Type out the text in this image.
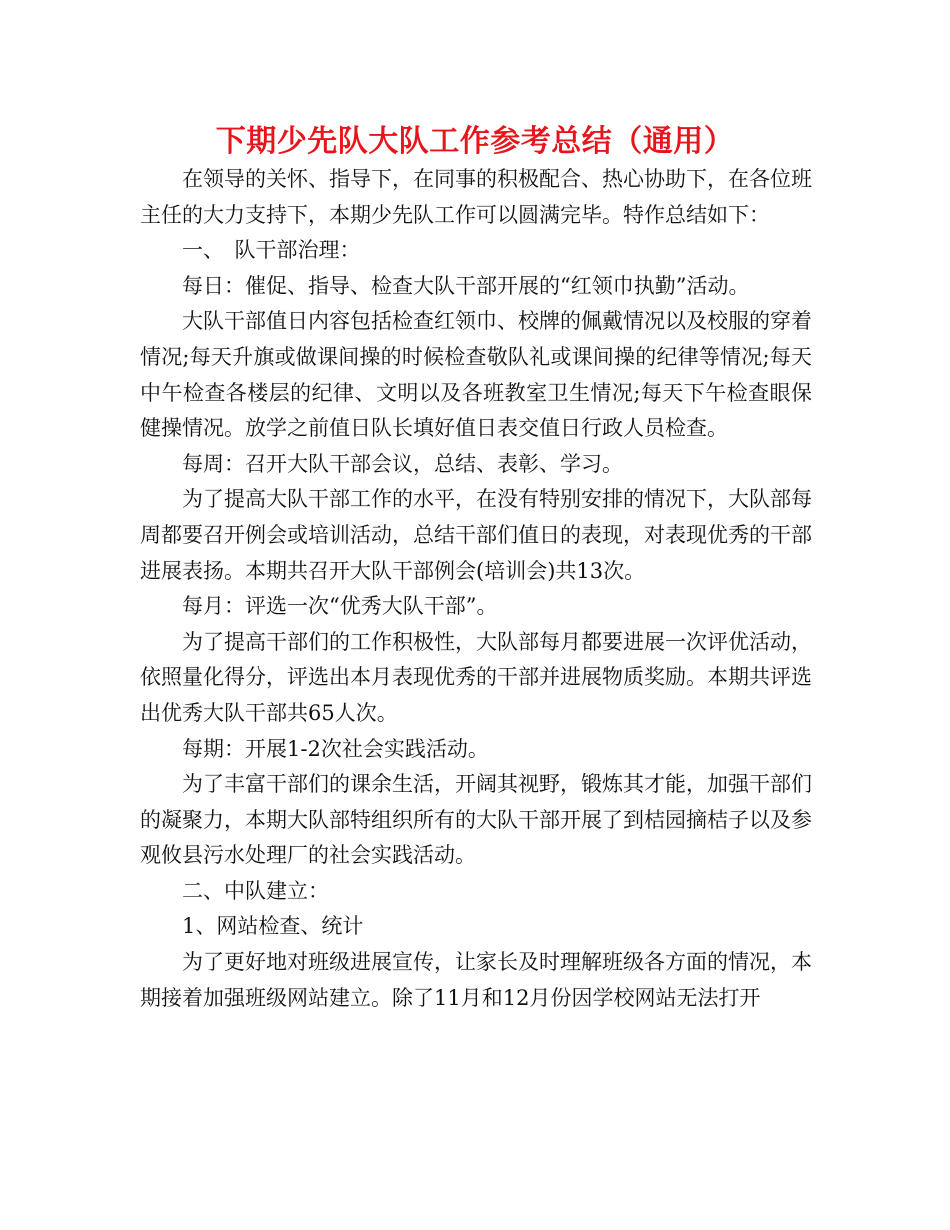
下期少先队大队工作参考总结（通用）

在领导的关怀、指导下，在同事的积极配合、热心协助下，在各位班主任的大力支持下，本期少先队工作可以圆满完毕。特作总结如下：

一、　队干部治理：

每日：催促、指导、检查大队干部开展的“红领巾执勤”活动。

大队干部值日内容包括检查红领巾、校牌的佩戴情况以及校服的穿着情况;每天升旗或做课间操的时候检查敬队礼或课间操的纪律等情况;每天中午检查各楼层的纪律、文明以及各班教室卫生情况;每天下午检查眼保健操情况。放学之前值日队长填好值日表交值日行政人员检查。

每周：召开大队干部会议，总结、表彰、学习。

为了提高大队干部工作的水平，在没有特别安排的情况下，大队部每周都要召开例会或培训活动，总结干部们值日的表现，对表现优秀的干部进展表扬。本期共召开大队干部例会(培训会)共13次。

每月：评选一次“优秀大队干部”。

为了提高干部们的工作积极性，大队部每月都要进展一次评优活动，依照量化得分，评选出本月表现优秀的干部并进展物质奖励。本期共评选出优秀大队干部共65人次。

每期：开展1-2次社会实践活动。

为了丰富干部们的课余生活，开阔其视野，锻炼其才能，加强干部们的凝聚力，本期大队部特组织所有的大队干部开展了到桔园摘桔子以及参观攸县污水处理厂的社会实践活动。

二、中队建立：

1、网站检查、统计

为了更好地对班级进展宣传，让家长及时理解班级各方面的情况，本期接着加强班级网站建立。除了11月和12月份因学校网站无法打开
